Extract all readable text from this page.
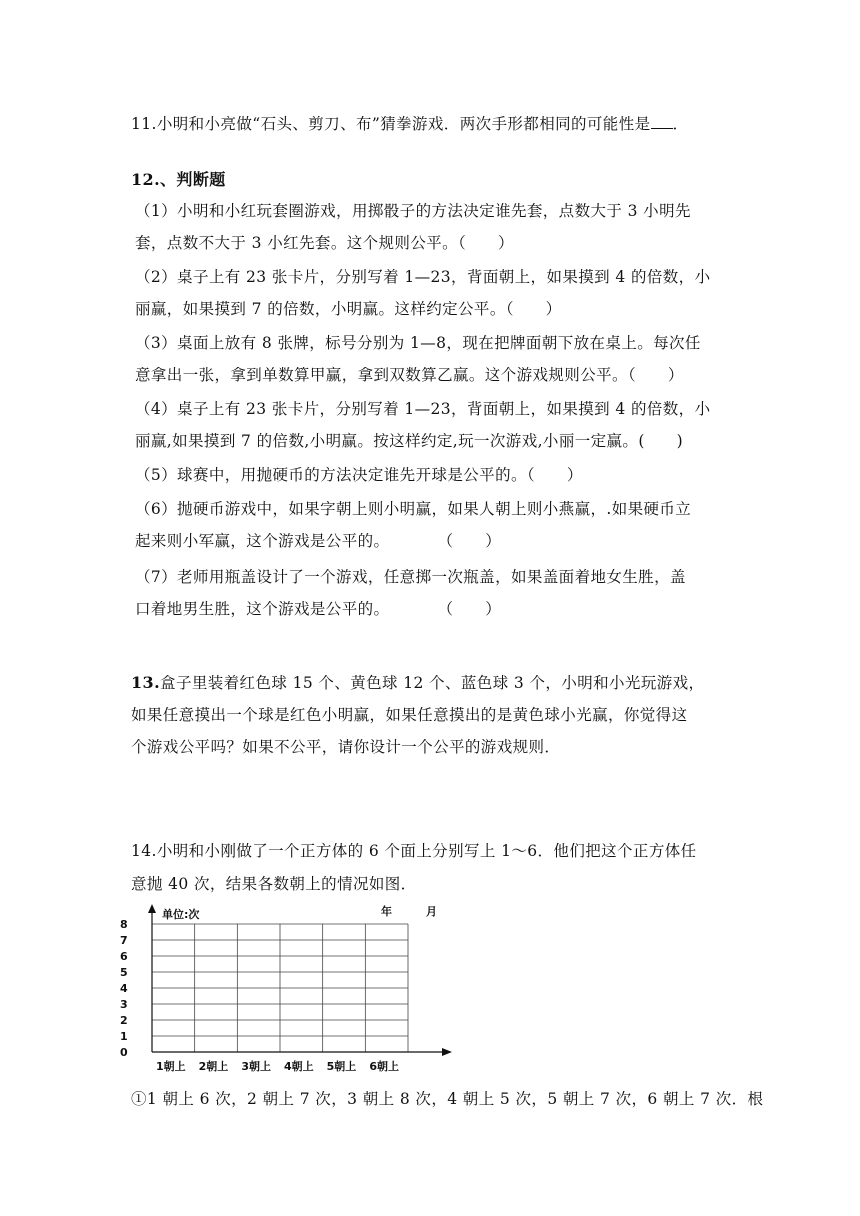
11.小明和小亮做“石头、剪刀、布”猜拳游戏．两次手形都相同的可能性是 ．
12.、判断题
（1）小明和小红玩套圈游戏，用掷骰子的方法决定谁先套，点数大于 3 小明先
套，点数不大于 3 小红先套。这个规则公平。（　　）
（2）桌子上有 23 张卡片，分别写着 1—23，背面朝上，如果摸到 4 的倍数，小
丽赢，如果摸到 7 的倍数，小明赢。这样约定公平。（　　）
（3）桌面上放有 8 张牌，标号分别为 1—8，现在把牌面朝下放在桌上。每次任
意拿出一张，拿到单数算甲赢，拿到双数算乙赢。这个游戏规则公平。（　　）
（4）桌子上有 23 张卡片，分别写着 1—23，背面朝上，如果摸到 4 的倍数，小
丽赢,如果摸到 7 的倍数,小明赢。按这样约定,玩一次游戏,小丽一定赢。(　　)
（5）球赛中，用抛硬币的方法决定谁先开球是公平的。（　　）
（6）抛硬币游戏中，如果字朝上则小明赢，如果人朝上则小燕赢，.如果硬币立
起来则小军赢，这个游戏是公平的。　　　　（　　）
（7）老师用瓶盖设计了一个游戏，任意掷一次瓶盖，如果盖面着地女生胜，盖
口着地男生胜，这个游戏是公平的。　　　　（　　）
13.盒子里装着红色球 15 个、黄色球 12 个、蓝色球 3 个，小明和小光玩游戏，
如果任意摸出一个球是红色小明赢，如果任意摸出的是黄色球小光赢，你觉得这
个游戏公平吗？如果不公平，请你设计一个公平的游戏规则．
14.小明和小刚做了一个正方体的 6 个面上分别写上 1～6．他们把这个正方体任
意抛 40 次，结果各数朝上的情况如图．
单位:次	年	月
0
1
2
3
4
5
6
7
8
1朝上 2朝上 3朝上 4朝上 5朝上 6朝上
①1 朝上 6 次，2 朝上 7 次，3 朝上 8 次，4 朝上 5 次，5 朝上 7 次，6 朝上 7 次．根
